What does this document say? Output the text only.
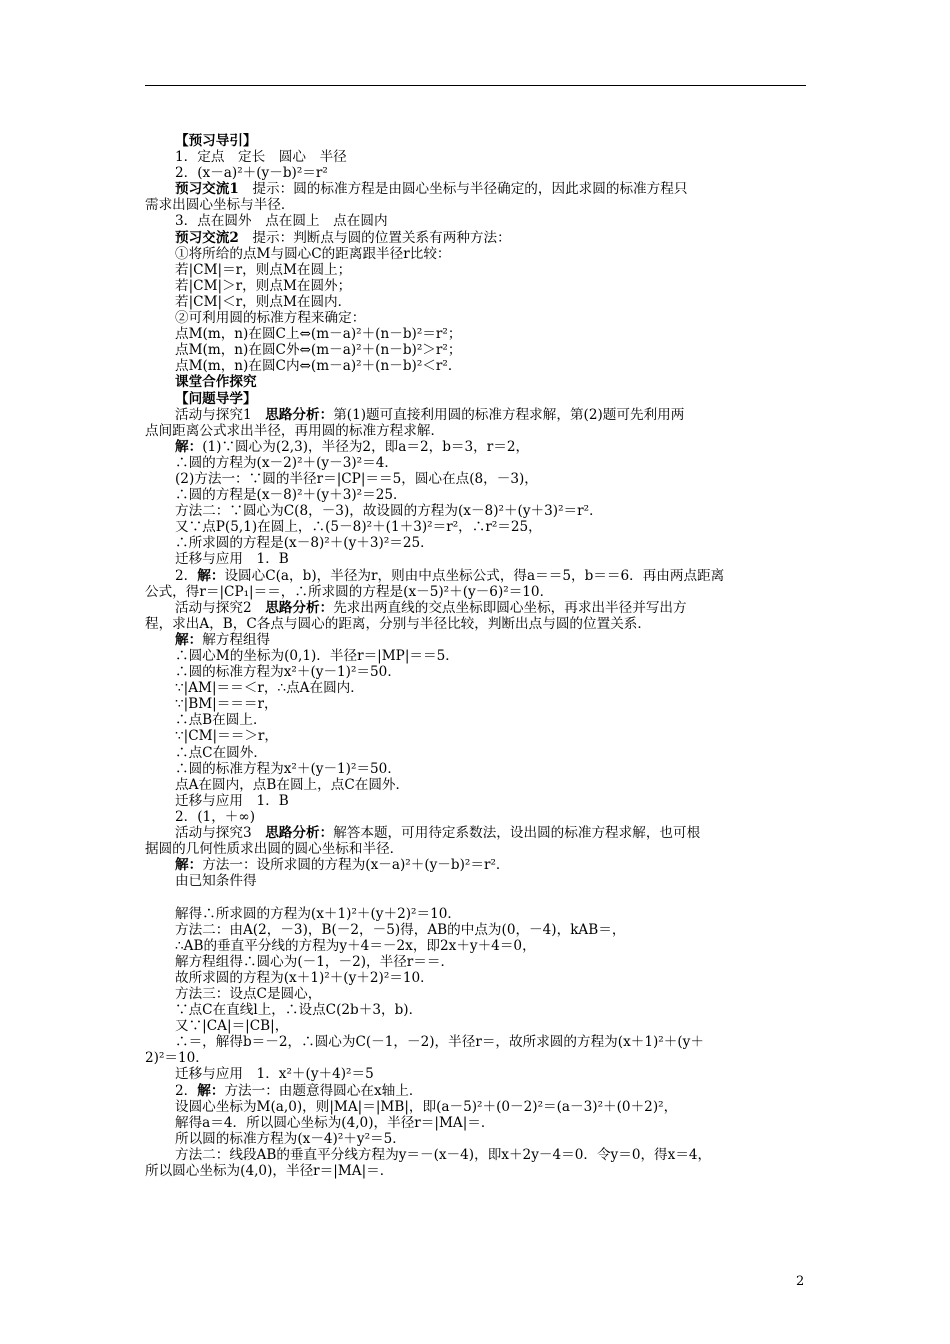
【预习导引】
1．定点　定长　圆心　半径
2．(x－a)²＋(y－b)²＝r²
预习交流1　提示：圆的标准方程是由圆心坐标与半径确定的，因此求圆的标准方程只
需求出圆心坐标与半径．
3．点在圆外　点在圆上　点在圆内
预习交流2　提示：判断点与圆的位置关系有两种方法：
①将所给的点M与圆心C的距离跟半径r比较：
若|CM|＝r，则点M在圆上；
若|CM|＞r，则点M在圆外；
若|CM|＜r，则点M在圆内．
②可利用圆的标准方程来确定：
点M(m，n)在圆C上⇔(m－a)²＋(n－b)²＝r²；
点M(m，n)在圆C外⇔(m－a)²＋(n－b)²＞r²；
点M(m，n)在圆C内⇔(m－a)²＋(n－b)²＜r²．
课堂合作探究
【问题导学】
活动与探究1　思路分析：第(1)题可直接利用圆的标准方程求解，第(2)题可先利用两
点间距离公式求出半径，再用圆的标准方程求解．
解：(1)∵圆心为(2,3)，半径为2，即a＝2，b＝3，r＝2，
∴圆的方程为(x－2)²＋(y－3)²＝4．
(2)方法一：∵圆的半径r＝|CP|＝＝5，圆心在点(8，－3)，
∴圆的方程是(x－8)²＋(y＋3)²＝25．
方法二：∵圆心为C(8，－3)，故设圆的方程为(x－8)²＋(y＋3)²＝r²．
又∵点P(5,1)在圆上，∴(5－8)²＋(1＋3)²＝r²，∴r²＝25，
∴所求圆的方程是(x－8)²＋(y＋3)²＝25．
迁移与应用　1．B
2．解：设圆心C(a，b)，半径为r，则由中点坐标公式，得a＝＝5，b＝＝6．再由两点距离
公式，得r＝|CP₁|＝＝，∴所求圆的方程是(x－5)²＋(y－6)²＝10．
活动与探究2　思路分析：先求出两直线的交点坐标即圆心坐标，再求出半径并写出方
程，求出A，B，C各点与圆心的距离，分别与半径比较，判断出点与圆的位置关系．
解：解方程组得
∴圆心M的坐标为(0,1)．半径r＝|MP|＝＝5．
∴圆的标准方程为x²＋(y－1)²＝50．
∵|AM|＝＝＜r，∴点A在圆内．
∵|BM|＝＝＝r，
∴点B在圆上．
∵|CM|＝＝＞r，
∴点C在圆外．
∴圆的标准方程为x²＋(y－1)²＝50．
点A在圆内，点B在圆上，点C在圆外．
迁移与应用　1．B
2．(1，＋∞)
活动与探究3　思路分析：解答本题，可用待定系数法，设出圆的标准方程求解，也可根
据圆的几何性质求出圆的圆心坐标和半径．
解：方法一：设所求圆的方程为(x－a)²＋(y－b)²＝r²．
由已知条件得
解得∴所求圆的方程为(x＋1)²＋(y＋2)²＝10．
方法二：由A(2，－3)，B(－2，－5)得，AB的中点为(0，－4)，kAB＝，
∴AB的垂直平分线的方程为y＋4＝－2x，即2x＋y＋4＝0，
解方程组得∴圆心为(－1，－2)，半径r＝＝．
故所求圆的方程为(x＋1)²＋(y＋2)²＝10．
方法三：设点C是圆心，
∵点C在直线l上，∴设点C(2b＋3，b)．
又∵|CA|＝|CB|，
∴＝，解得b＝－2，∴圆心为C(－1，－2)，半径r＝，故所求圆的方程为(x＋1)²＋(y＋
2)²＝10．
迁移与应用　1．x²＋(y＋4)²＝5
2．解：方法一：由题意得圆心在x轴上．
设圆心坐标为M(a,0)，则|MA|＝|MB|，即(a－5)²＋(0－2)²＝(a－3)²＋(0＋2)²，
解得a＝4．所以圆心坐标为(4,0)，半径r＝|MA|＝．
所以圆的标准方程为(x－4)²＋y²＝5．
方法二：线段AB的垂直平分线方程为y＝－(x－4)，即x＋2y－4＝0．令y＝0，得x＝4，
所以圆心坐标为(4,0)，半径r＝|MA|＝．
2
